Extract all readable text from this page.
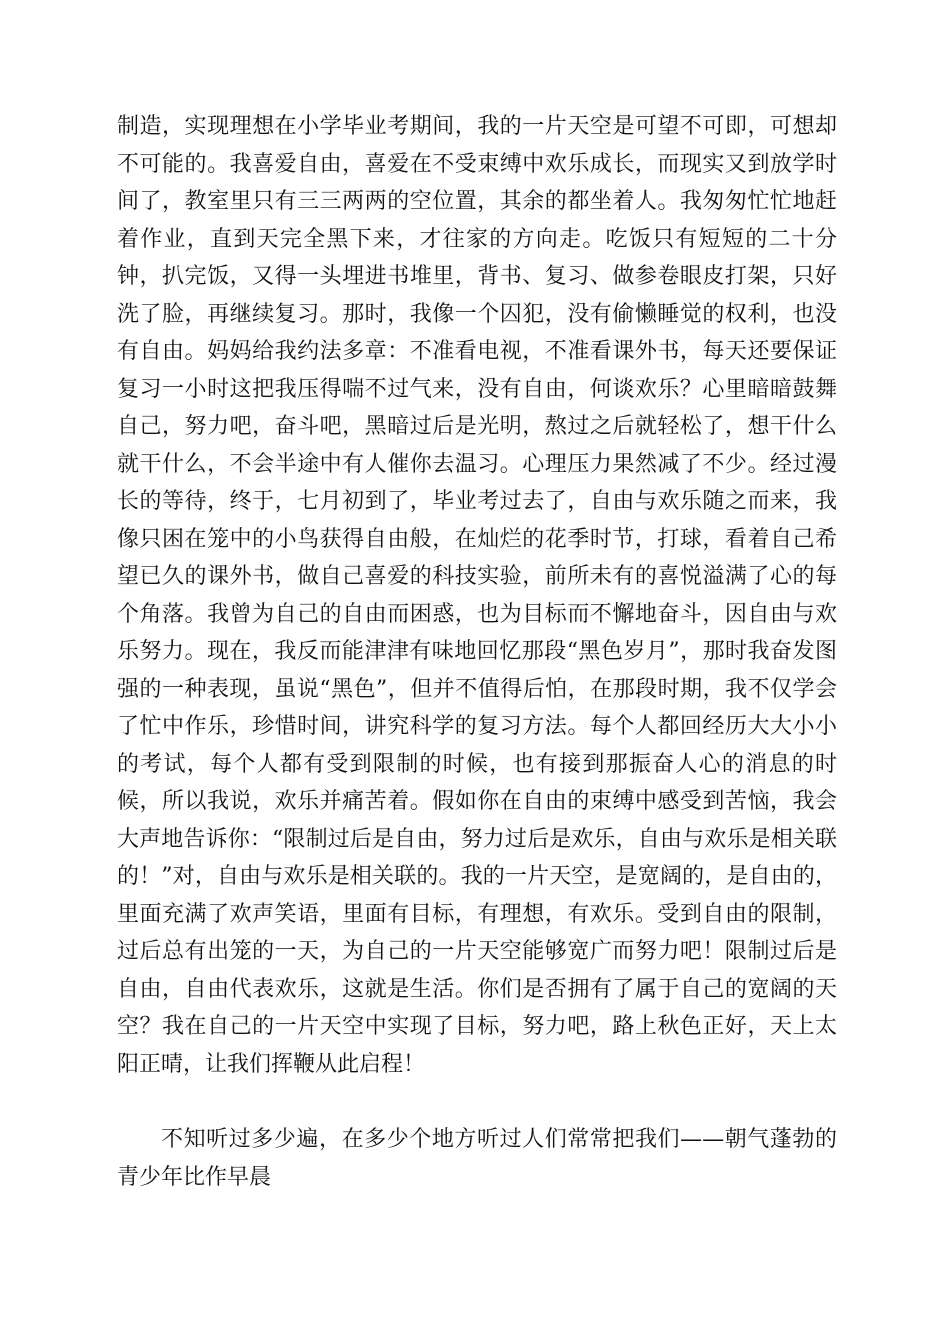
制造，实现理想在小学毕业考期间，我的一片天空是可望不可即，可想却不可能的。我喜爱自由，喜爱在不受束缚中欢乐成长，而现实又到放学时间了，教室里只有三三两两的空位置，其余的都坐着人。我匆匆忙忙地赶着作业，直到天完全黑下来，才往家的方向走。吃饭只有短短的二十分钟，扒完饭，又得一头埋进书堆里，背书、复习、做参卷眼皮打架，只好洗了脸，再继续复习。那时，我像一个囚犯，没有偷懒睡觉的权利，也没有自由。妈妈给我约法多章：不准看电视，不准看课外书，每天还要保证复习一小时这把我压得喘不过气来，没有自由，何谈欢乐？心里暗暗鼓舞自己，努力吧，奋斗吧，黑暗过后是光明，熬过之后就轻松了，想干什么就干什么，不会半途中有人催你去温习。心理压力果然减了不少。经过漫长的等待，终于，七月初到了，毕业考过去了，自由与欢乐随之而来，我像只困在笼中的小鸟获得自由般，在灿烂的花季时节，打球，看着自己希望已久的课外书，做自己喜爱的科技实验，前所未有的喜悦溢满了心的每个角落。我曾为自己的自由而困惑，也为目标而不懈地奋斗，因自由与欢乐努力。现在，我反而能津津有味地回忆那段“黑色岁月”，那时我奋发图强的一种表现，虽说“黑色”，但并不值得后怕，在那段时期，我不仅学会了忙中作乐，珍惜时间，讲究科学的复习方法。每个人都回经历大大小小的考试，每个人都有受到限制的时候，也有接到那振奋人心的消息的时候，所以我说，欢乐并痛苦着。假如你在自由的束缚中感受到苦恼，我会大声地告诉你：“限制过后是自由，努力过后是欢乐，自由与欢乐是相关联的！”对，自由与欢乐是相关联的。我的一片天空，是宽阔的，是自由的，里面充满了欢声笑语，里面有目标，有理想，有欢乐。受到自由的限制，过后总有出笼的一天，为自己的一片天空能够宽广而努力吧！限制过后是自由，自由代表欢乐，这就是生活。你们是否拥有了属于自己的宽阔的天空？我在自己的一片天空中实现了目标，努力吧，路上秋色正好，天上太阳正晴，让我们挥鞭从此启程！

不知听过多少遍，在多少个地方听过人们常常把我们——朝气蓬勃的青少年比作早晨
